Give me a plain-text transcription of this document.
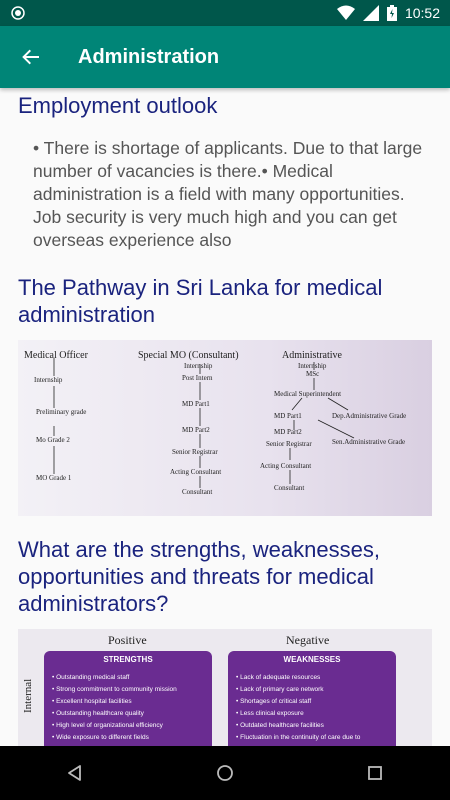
10:52
Administration
Employment outlook

• There is shortage of applicants. Due to that large number of vacancies is there.• Medical administration is a field with many opportunities. Job security is very much high and you can get overseas experience also

The Pathway in Sri Lanka for medical administration
Medical Officer
Internship
Preliminary grade
Mo Grade 2
MO Grade 1
Special MO (Consultant)
Internship
Post Intern
MD Part1
MD Part2
Senior Registrar
Acting Consultant
Consultant
Administrative
Internship
MSc
Medical Superintendent
MD Part1
MD Part2
Senior Registrar
Acting Consultant
Consultant
Dep.Administrative Grade
Sen.Administrative Grade
What are the strengths, weaknesses, opportunities and threats for medical administrators?
Positive	Negative
Internal
STRENGTHS
• Outstanding medical staff
• Strong commitment to community mission
• Excellent hospital facilities
• Outstanding healthcare quality
• High level of organizational efficiency
• Wide exposure to different fields
WEAKNESSES
• Lack of adequate resources
• Lack of primary care network
• Shortages of critical staff
• Less clinical exposure
• Outdated healthcare facilities
• Fluctuation in the continuity of care due to
